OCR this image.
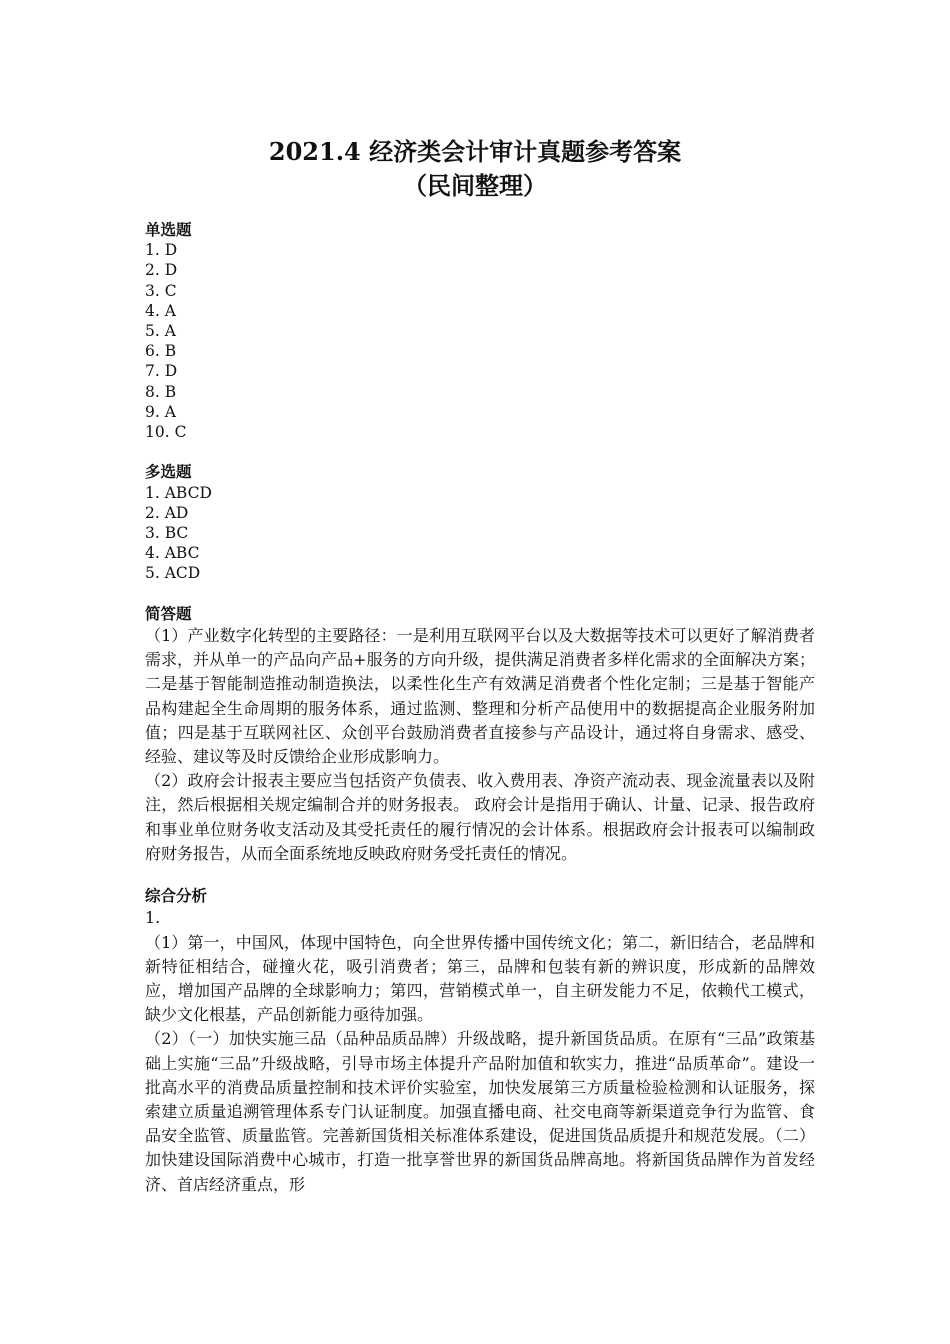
2021.4 经济类会计审计真题参考答案
（民间整理）

单选题

1. D
2. D
3. C
4. A
5. A
6. B
7. D
8. B
9. A
10. C

多选题

1. ABCD
2. AD
3. BC
4. ABC
5. ACD

简答题

（1）产业数字化转型的主要路径：一是利用互联网平台以及大数据等技术可以更好了解消费者需求，并从单一的产品向产品+服务的方向升级，提供满足消费者多样化需求的全面解决方案；二是基于智能制造推动制造换法，以柔性化生产有效满足消费者个性化定制；三是基于智能产品构建起全生命周期的服务体系，通过监测、整理和分析产品使用中的数据提高企业服务附加值；四是基于互联网社区、众创平台鼓励消费者直接参与产品设计，通过将自身需求、感受、经验、建议等及时反馈给企业形成影响力。

（2）政府会计报表主要应当包括资产负债表、收入费用表、净资产流动表、现金流量表以及附注，然后根据相关规定编制合并的财务报表。 政府会计是指用于确认、计量、记录、报告政府和事业单位财务收支活动及其受托责任的履行情况的会计体系。根据政府会计报表可以编制政府财务报告，从而全面系统地反映政府财务受托责任的情况。

综合分析

1.

（1）第一，中国风，体现中国特色，向全世界传播中国传统文化；第二，新旧结合，老品牌和新特征相结合，碰撞火花，吸引消费者；第三，品牌和包装有新的辨识度，形成新的品牌效应，增加国产品牌的全球影响力；第四，营销模式单一，自主研发能力不足，依赖代工模式，缺少文化根基，产品创新能力亟待加强。

（2）（一）加快实施三品（品种品质品牌）升级战略，提升新国货品质。在原有“三品”政策基础上实施“三品”升级战略，引导市场主体提升产品附加值和软实力，推进“品质革命”。建设一批高水平的消费品质量控制和技术评价实验室，加快发展第三方质量检验检测和认证服务，探索建立质量追溯管理体系专门认证制度。加强直播电商、社交电商等新渠道竞争行为监管、食品安全监管、质量监管。完善新国货相关标准体系建设，促进国货品质提升和规范发展。（二）加快建设国际消费中心城市，打造一批享誉世界的新国货品牌高地。将新国货品牌作为首发经济、首店经济重点，形
